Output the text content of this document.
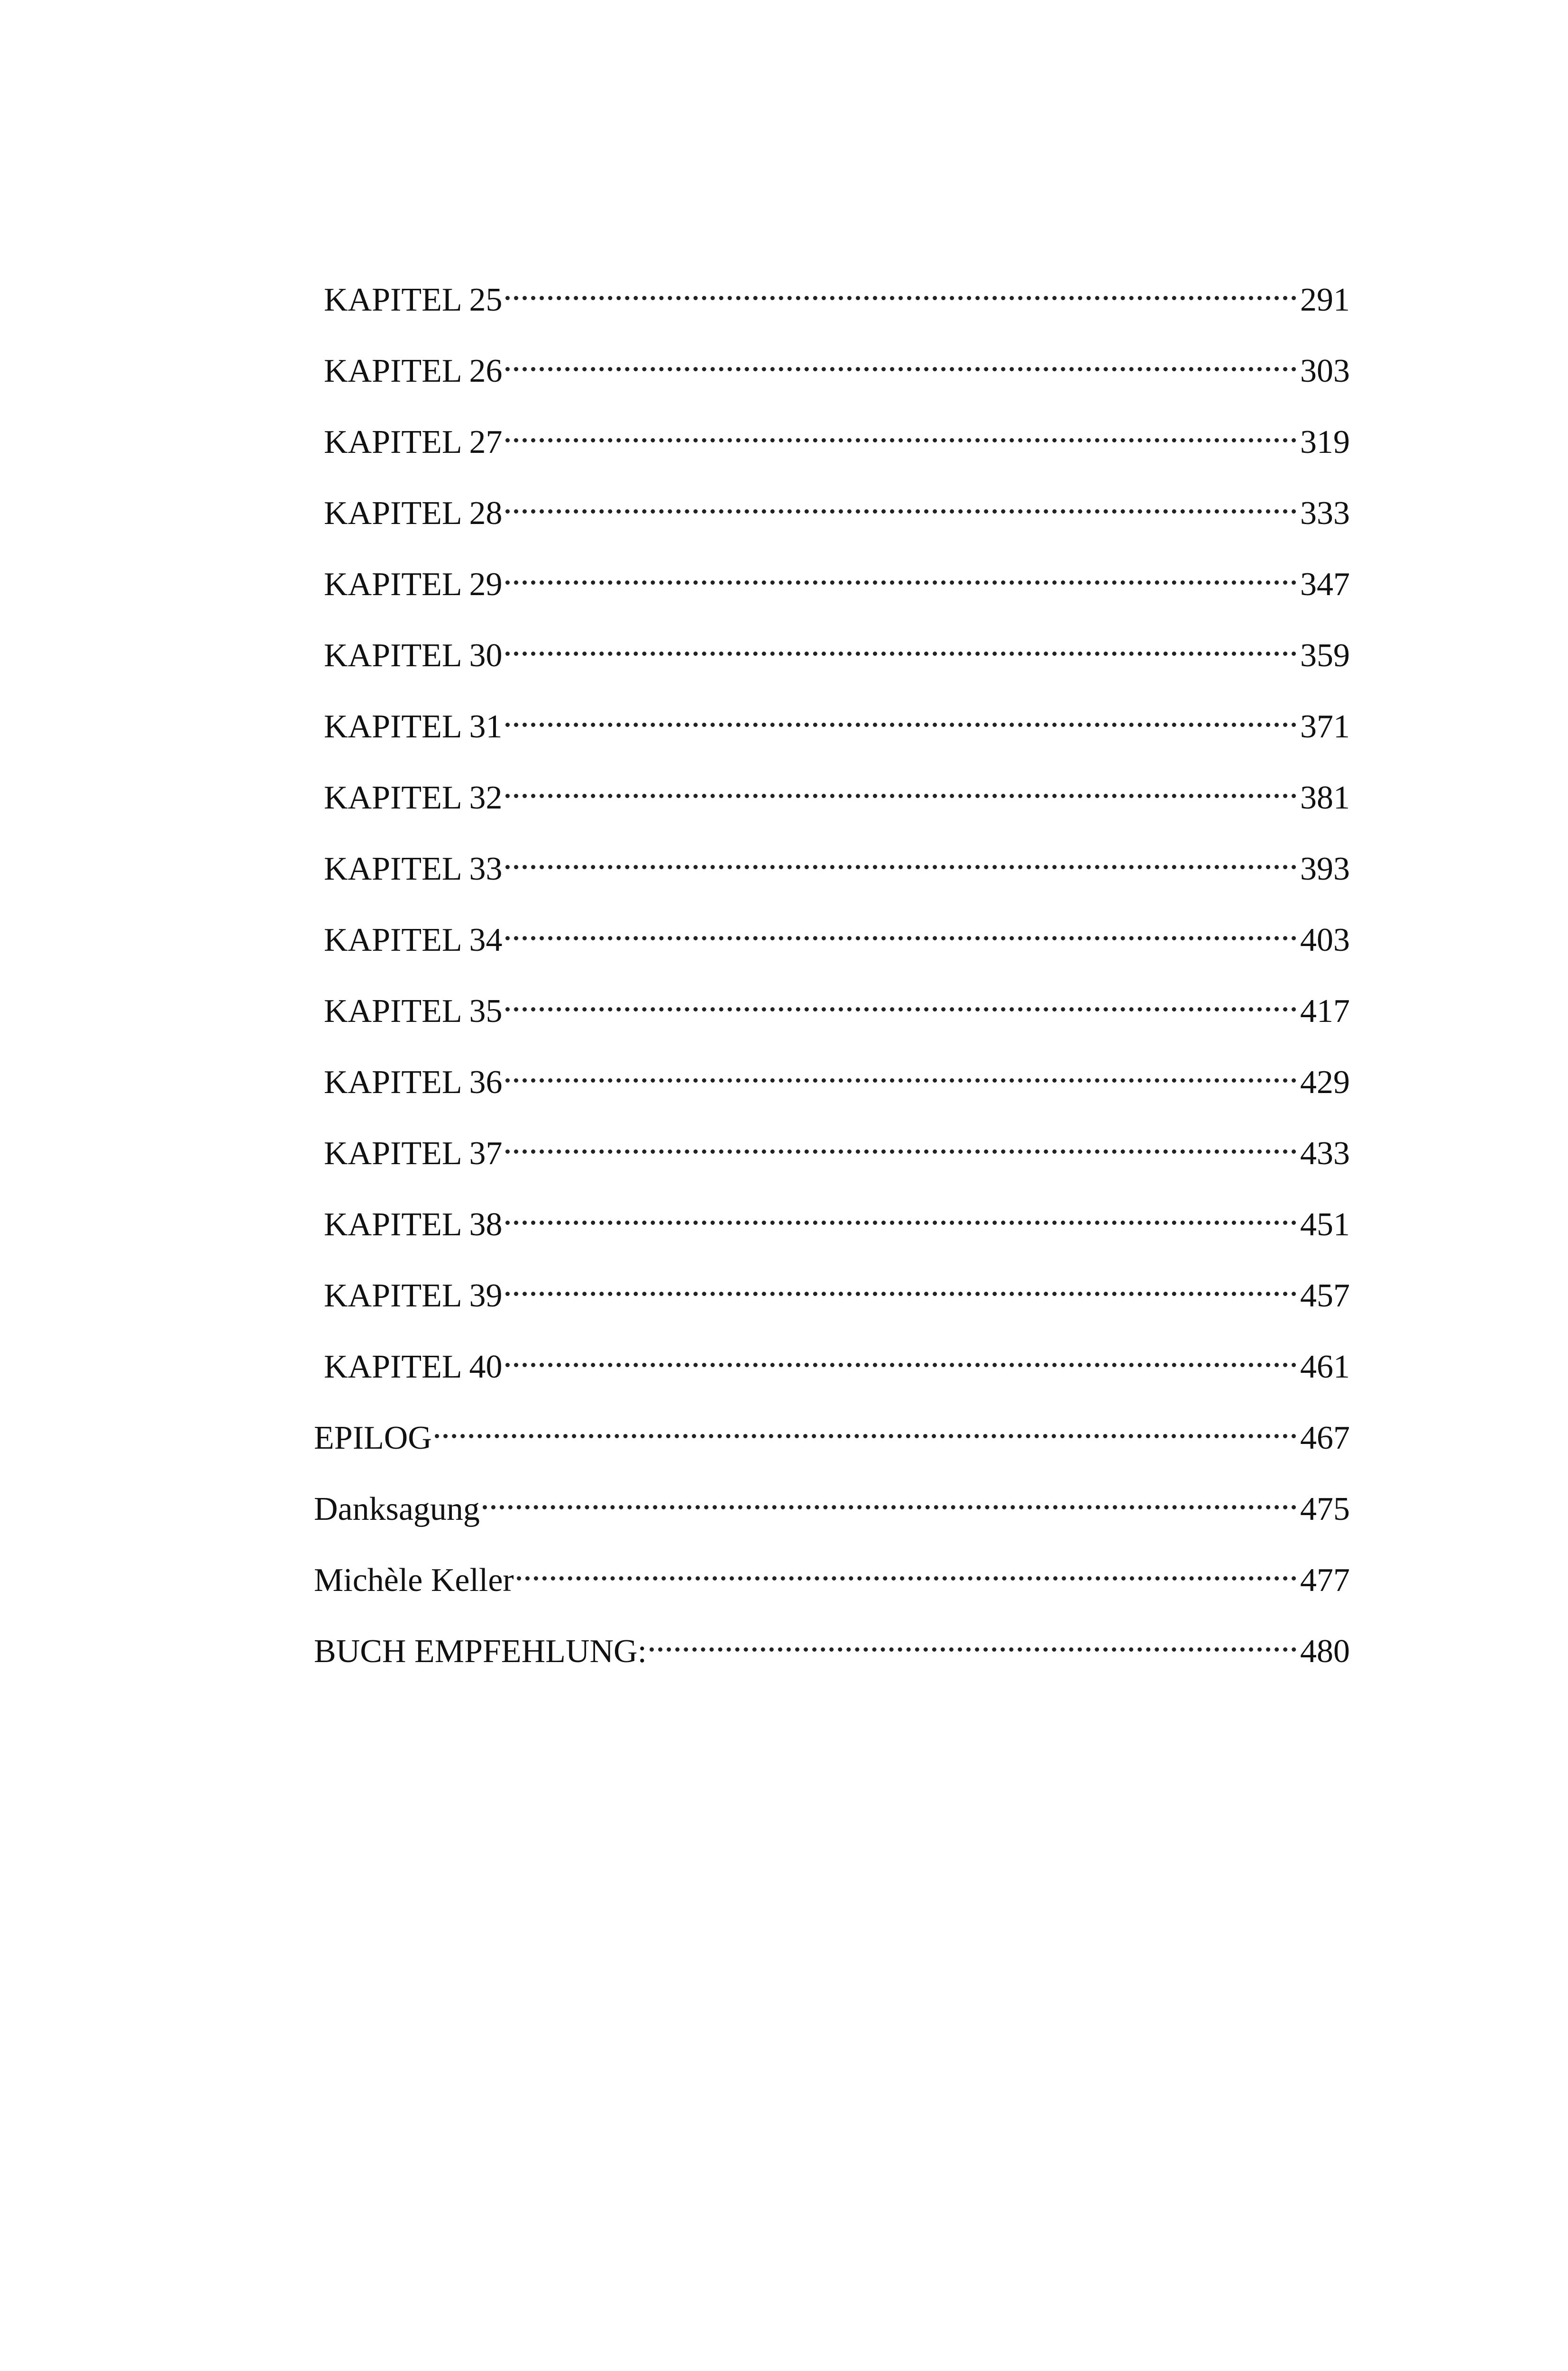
KAPITEL 25	291
KAPITEL 26	303
KAPITEL 27	319
KAPITEL 28	333
KAPITEL 29	347
KAPITEL 30	359
KAPITEL 31	371
KAPITEL 32	381
KAPITEL 33	393
KAPITEL 34	403
KAPITEL 35	417
KAPITEL 36	429
KAPITEL 37	433
KAPITEL 38	451
KAPITEL 39	457
KAPITEL 40	461
EPILOG	467
Danksagung	475
Michèle Keller	477
BUCH EMPFEHLUNG:	480
